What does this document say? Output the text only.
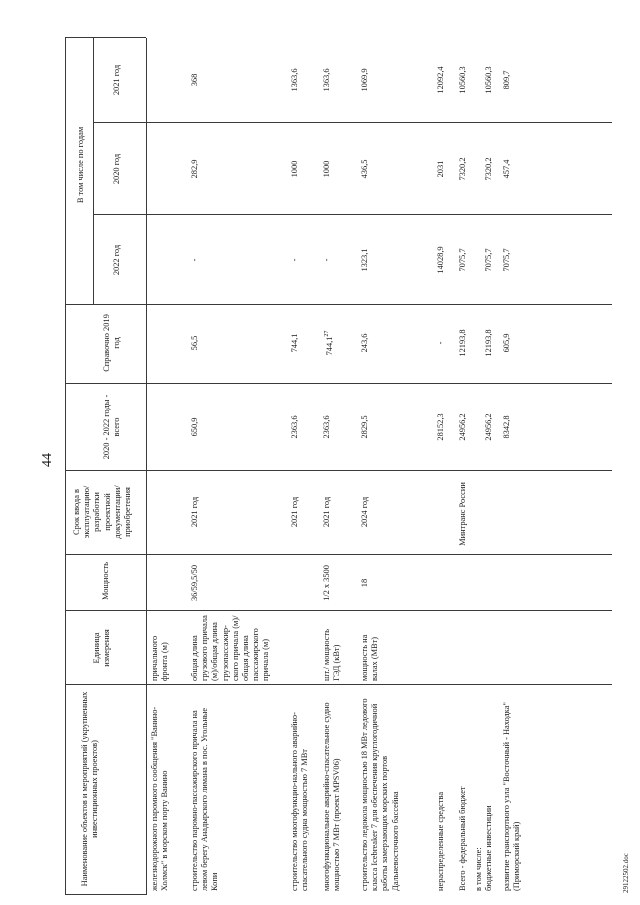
44
29122502.doc
Наименование объектов и мероприятий (укрупненных инвестиционных проектов)
Единица измерения
Мощность
Срок ввода в эксплуатацию/ разработки проектной документации/ приобретения
2020 - 2022 годы - всего
Справочно 2019 год
В том числе по годам	2020 год
2021 год
2022 год
железнодорожного паромного сообщения "Ванино-Холмск" в морском порту Ванино
причального фронта (м)
строительство паромно-пассажирского причала на левом берегу Анадырского лимана в пос. Угольные Копи
общая длина грузового причала (м)/общая длина грузопассажир-ского причала (м)/ общая длина пассажирского причала (м)
36/59,5/50
2021 год
650,9
56,5
-
282,9
368
строительство многофункцио-нального аварийно-спасательного судна мощностью 7 МВт
2021 год
2363,6
744,1
-
1000
1363,6
многофункциональное аварийно-спасательное судно мощностью 7 МВт (проект MPSV06)
шт./ мощность ГЭД (кВт)
1/2 x 3500
2021 год
2363,6
744,1$^{27}$
-
1000
1363,6
строительство ледокола мощностью 18 МВт ледового класса Icebreaker 7 для обеспечения круглогодичной работы замерзающих морских портов Дальневосточного бассейна
мощность на валах (МВт)
18
2024 год
2829,5
243,6
1323,1
436,5
1069,9
нераспределенные средства
28152,3
-
14028,9
2031
12092,4
Всего - федеральный бюджет
Минтранс России
24956,2
12193,8
7075,7
7320,2
10560,3
в том числе: бюджетные инвестиции
24956,2
12193,8
7075,7
7320,2
10560,3
развитие транспортного узла "Восточный - Находка" (Приморский край)
8342,8
605,9
7075,7
457,4
809,7
